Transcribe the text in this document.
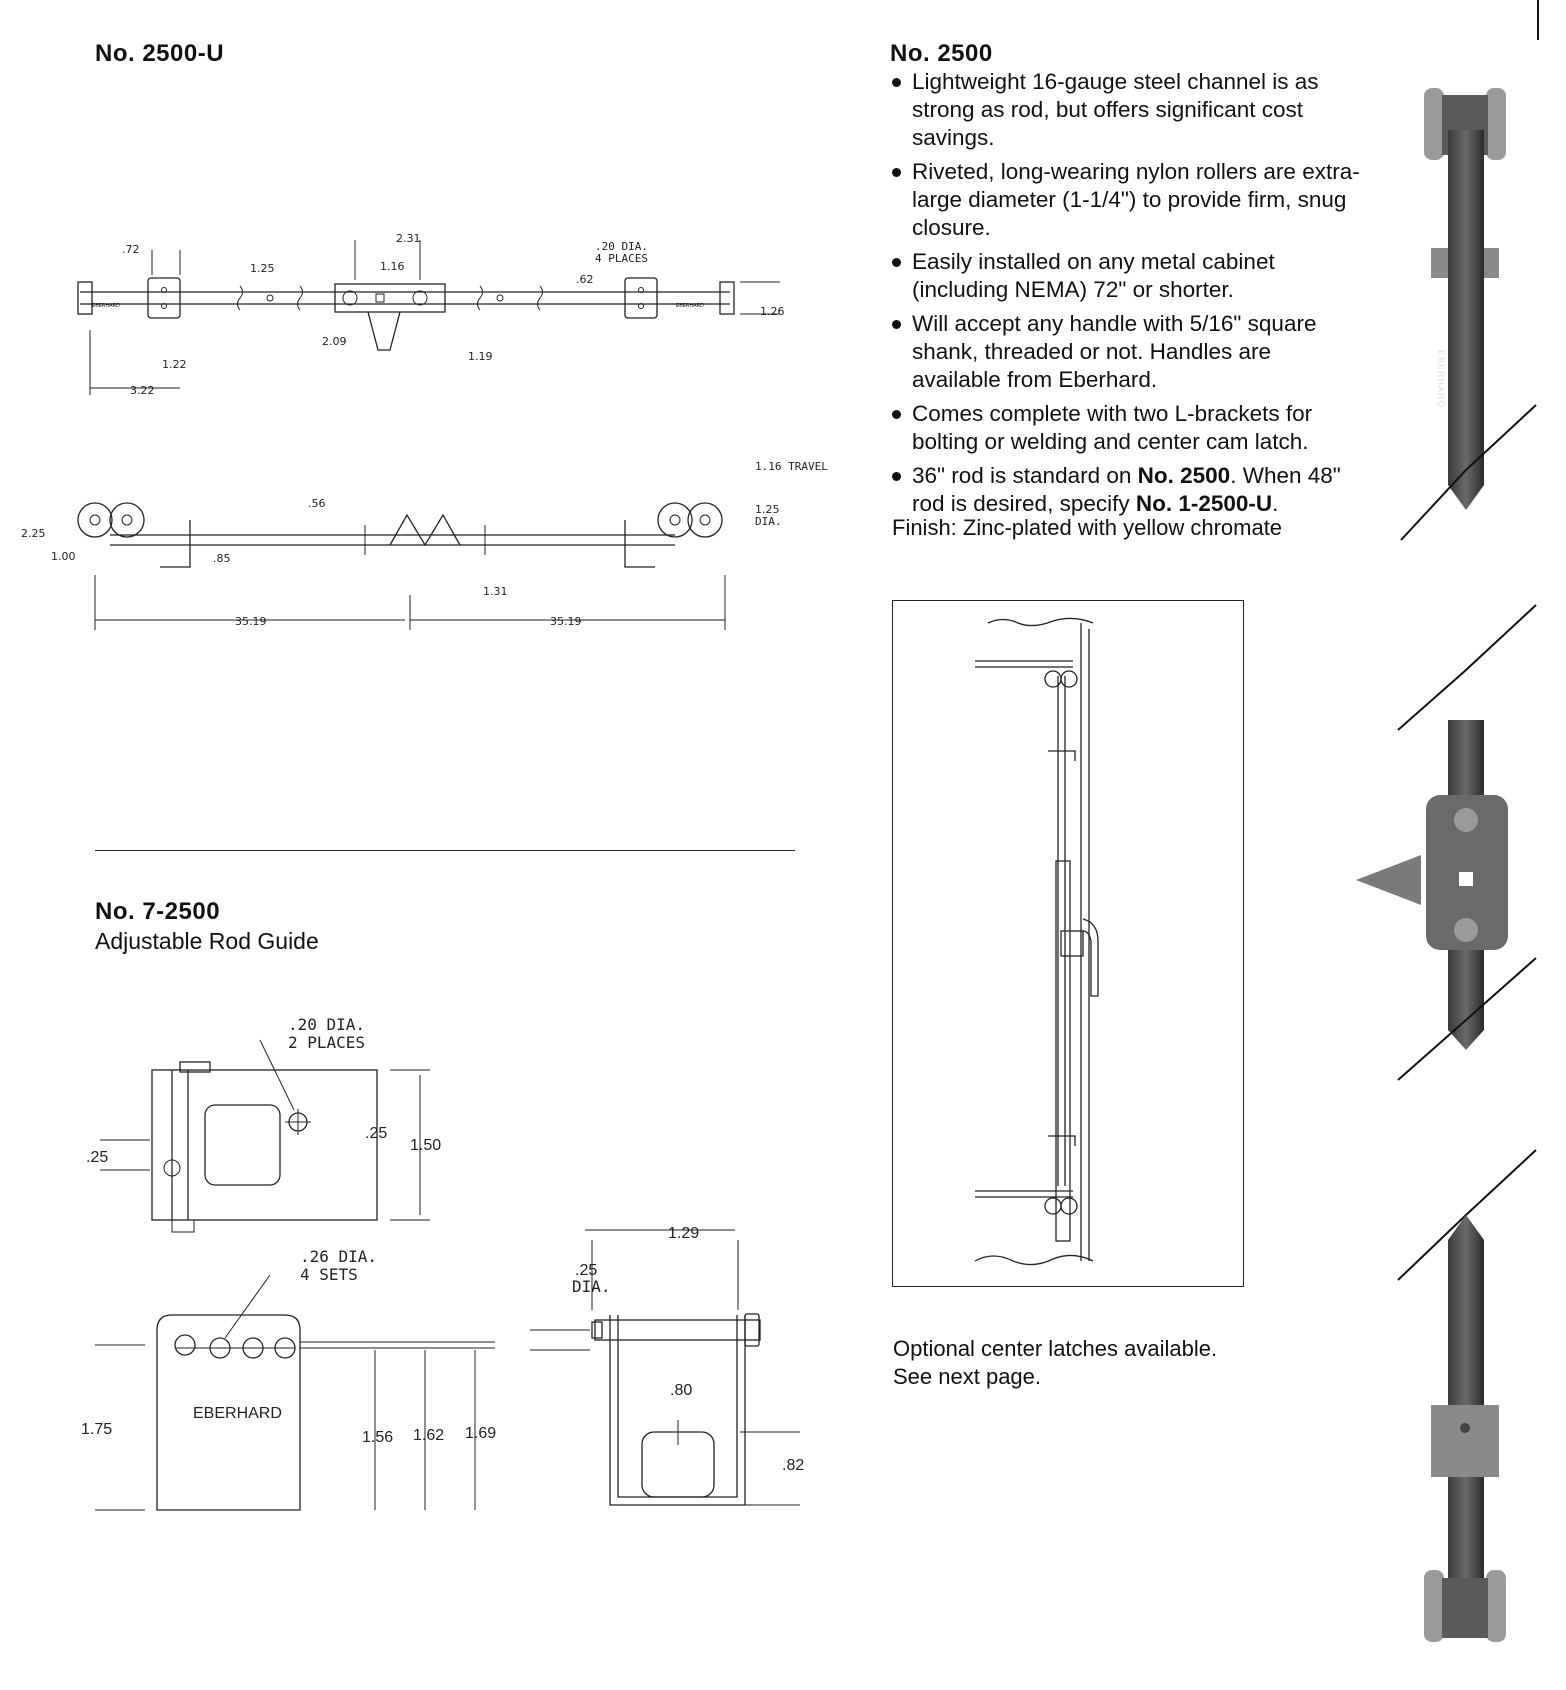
No. 2500-U
.72
1.25
2.31
1.16
.20 DIA.
4 PLACES
.62
1.26
1.22
3.22
2.09
1.19
EBERHARD	EBERHARD
1.16 TRAVEL
.56	1.25
DIA.
2.25
1.00	.85
1.31
35.19	35.19
No. 7-2500
Adjustable Rod Guide
.20 DIA.
2 PLACES
.25
.25
1.50
.26 DIA.
4 SETS
EBERHARD
1.75	1.56 1.62 1.69
1.29
.25
DIA.
.80
.82
No. 2500
Lightweight 16-gauge steel channel is as strong as rod, but offers significant cost savings.
Riveted, long-wearing nylon rollers are extra-large diameter (1-1/4") to provide firm, snug closure.
Easily installed on any metal cabinet (including NEMA) 72" or shorter.
Will accept any handle with 5/16" square shank, threaded or not. Handles are available from Eberhard.
Comes complete with two L-brackets for bolting or welding and center cam latch.
36" rod is standard on No. 2500. When 48" rod is desired, specify No. 1-2500-U.
Finish: Zinc-plated with yellow chromate
Optional center latches available.
See next page.
EBERHARD
